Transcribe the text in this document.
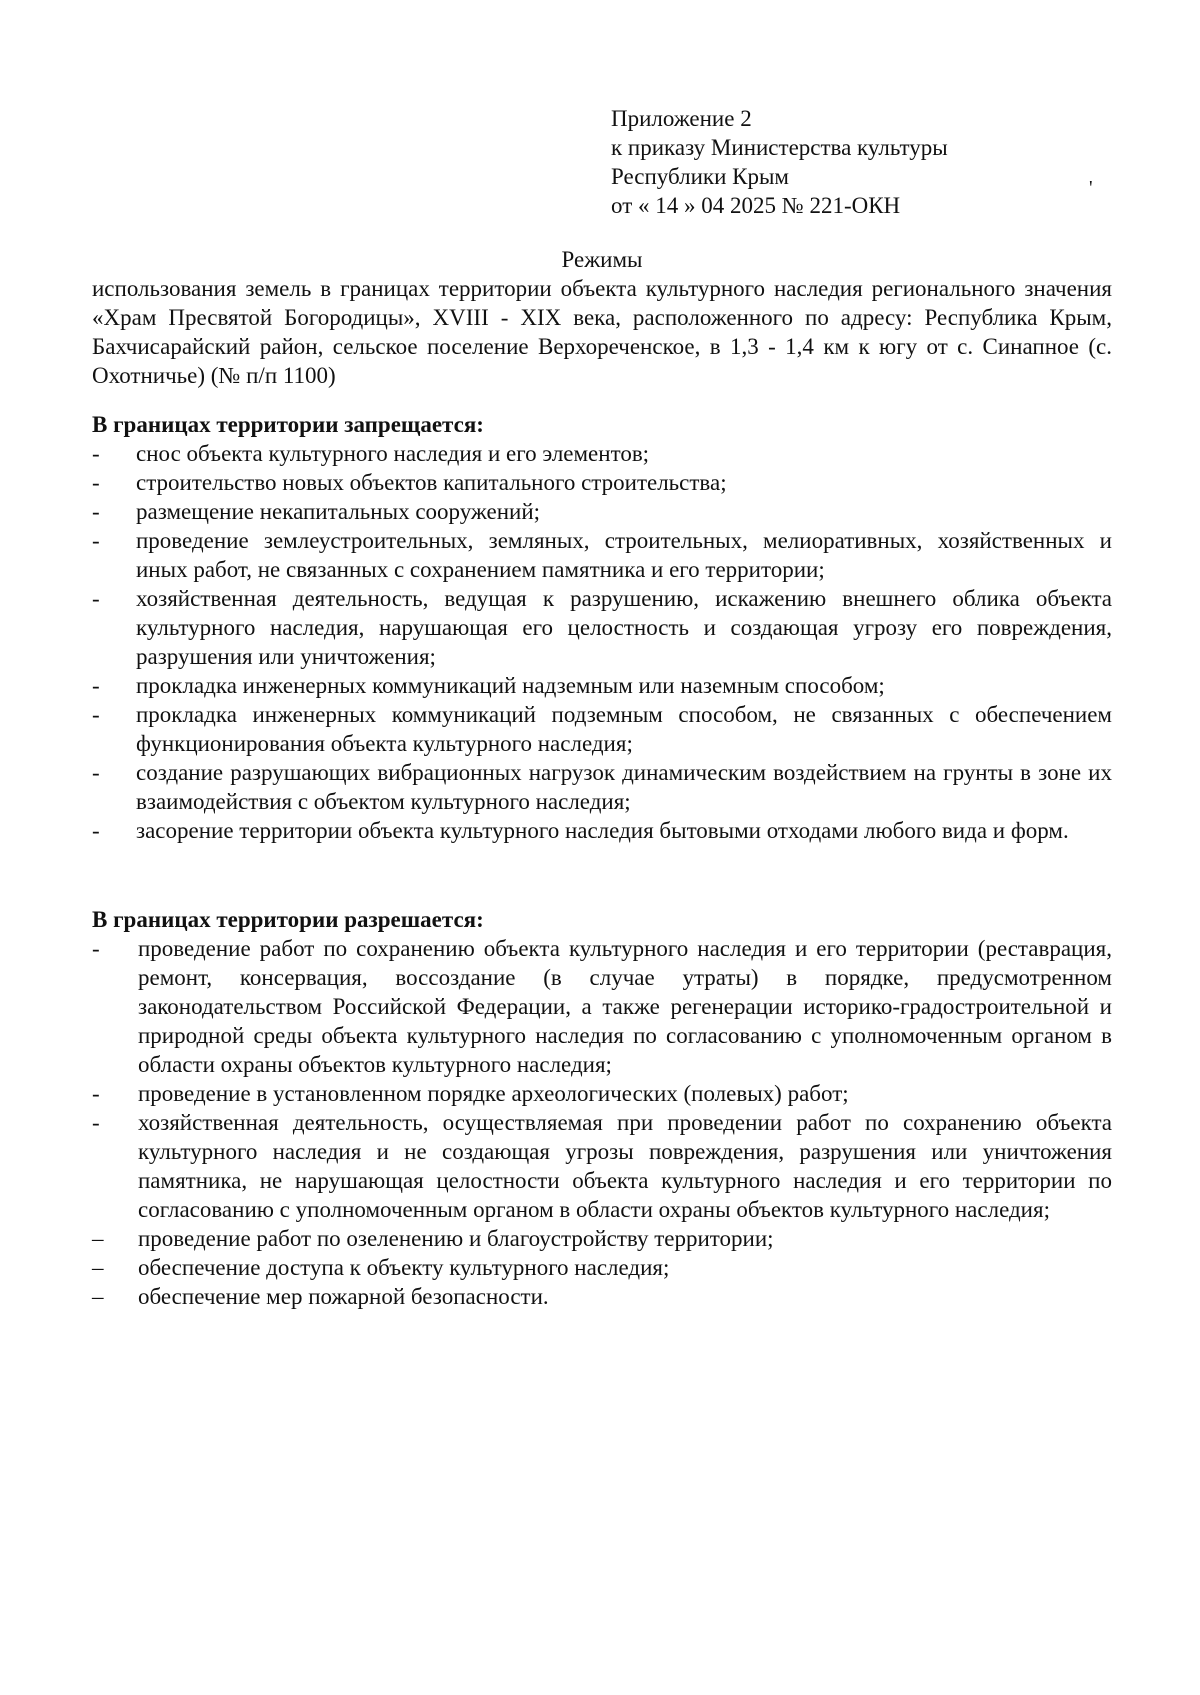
Приложение 2
к приказу Министерства культуры
Республики Крым
от « 14 » 04 2025 № 221-ОКН
'
Режимы
использования земель в границах территории объекта культурного наследия регионального значения «Храм Пресвятой Богородицы», XVIII - XIX века, расположенного по адресу: Республика Крым, Бахчисарайский район, сельское поселение Верхореченское, в 1,3 - 1,4 км к югу от с. Синапное (с. Охотничье) (№ п/п 1100)
В границах территории запрещается:
- снос объекта культурного наследия и его элементов;
- строительство новых объектов капитального строительства;
- размещение некапитальных сооружений;
- проведение землеустроительных, земляных, строительных, мелиоративных, хозяйственных и иных работ, не связанных с сохранением памятника и его территории;
- хозяйственная деятельность, ведущая к разрушению, искажению внешнего облика объекта культурного наследия, нарушающая его целостность и создающая угрозу его повреждения, разрушения или уничтожения;
- прокладка инженерных коммуникаций надземным или наземным способом;
- прокладка инженерных коммуникаций подземным способом, не связанных с обеспечением функционирования объекта культурного наследия;
- создание разрушающих вибрационных нагрузок динамическим воздействием на грунты в зоне их взаимодействия с объектом культурного наследия;
- засорение территории объекта культурного наследия бытовыми отходами любого вида и форм.
В границах территории разрешается:
- проведение работ по сохранению объекта культурного наследия и его территории (реставрация, ремонт, консервация, воссоздание (в случае утраты) в порядке, предусмотренном законодательством Российской Федерации, а также регенерации историко-градостроительной и природной среды объекта культурного наследия по согласованию с уполномоченным органом в области охраны объектов культурного наследия;
- проведение в установленном порядке археологических (полевых) работ;
- хозяйственная деятельность, осуществляемая при проведении работ по сохранению объекта культурного наследия и не создающая угрозы повреждения, разрушения или уничтожения памятника, не нарушающая целостности объекта культурного наследия и его территории по согласованию с уполномоченным органом в области охраны объектов культурного наследия;
– проведение работ по озеленению и благоустройству территории;
– обеспечение доступа к объекту культурного наследия;
– обеспечение мер пожарной безопасности.
